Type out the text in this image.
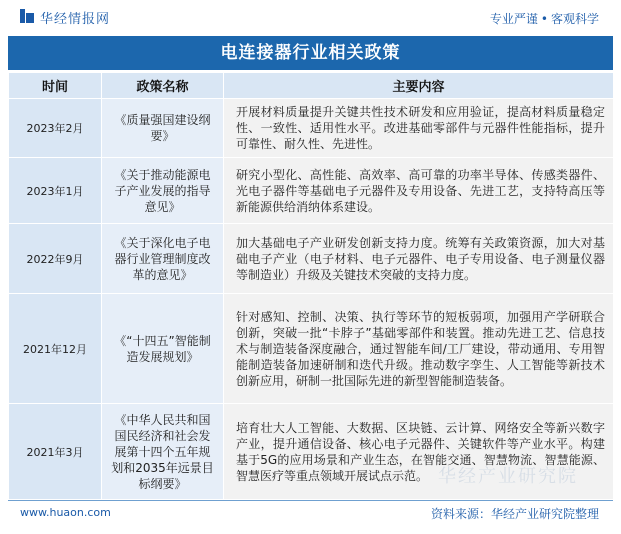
华经情报网	专业严谨 • 客观科学
电连接器行业相关政策
时间	政策名称	主要内容
2023年2月	《质量强国建设纲要》	开展材料质量提升关键共性技术研发和应用验证，提高材料质量稳定性、一致性、适用性水平。改进基础零部件与元器件性能指标，提升可靠性、耐久性、先进性。
2023年1月	《关于推动能源电子产业发展的指导意见》	研究小型化、高性能、高效率、高可靠的功率半导体、传感类器件、光电子器件等基础电子元器件及专用设备、先进工艺，支持特高压等新能源供给消纳体系建设。
2022年9月	《关于深化电子电器行业管理制度改革的意见》	加大基础电子产业研发创新支持力度。统筹有关政策资源，加大对基础电子产业（电子材料、电子元器件、电子专用设备、电子测量仪器等制造业）升级及关键技术突破的支持力度。
2021年12月	《“十四五”智能制造发展规划》	针对感知、控制、决策、执行等环节的短板弱项，加强用产学研联合创新，突破一批“卡脖子”基础零部件和装置。推动先进工艺、信息技术与制造装备深度融合，通过智能车间/工厂建设，带动通用、专用智能制造装备加速研制和迭代升级。推动数字孪生、人工智能等新技术创新应用，研制一批国际先进的新型智能制造装备。
2021年3月	《中华人民共和国国民经济和社会发展第十四个五年规划和2035年远景目标纲要》	培育壮大人工智能、大数据、区块链、云计算、网络安全等新兴数字产业，提升通信设备、核心电子元器件、关键软件等产业水平。构建基于5G的应用场景和产业生态，在智能交通、智慧物流、智慧能源、智慧医疗等重点领域开展试点示范。 华经产业研究院
www.huaon.com	资料来源：华经产业研究院整理
